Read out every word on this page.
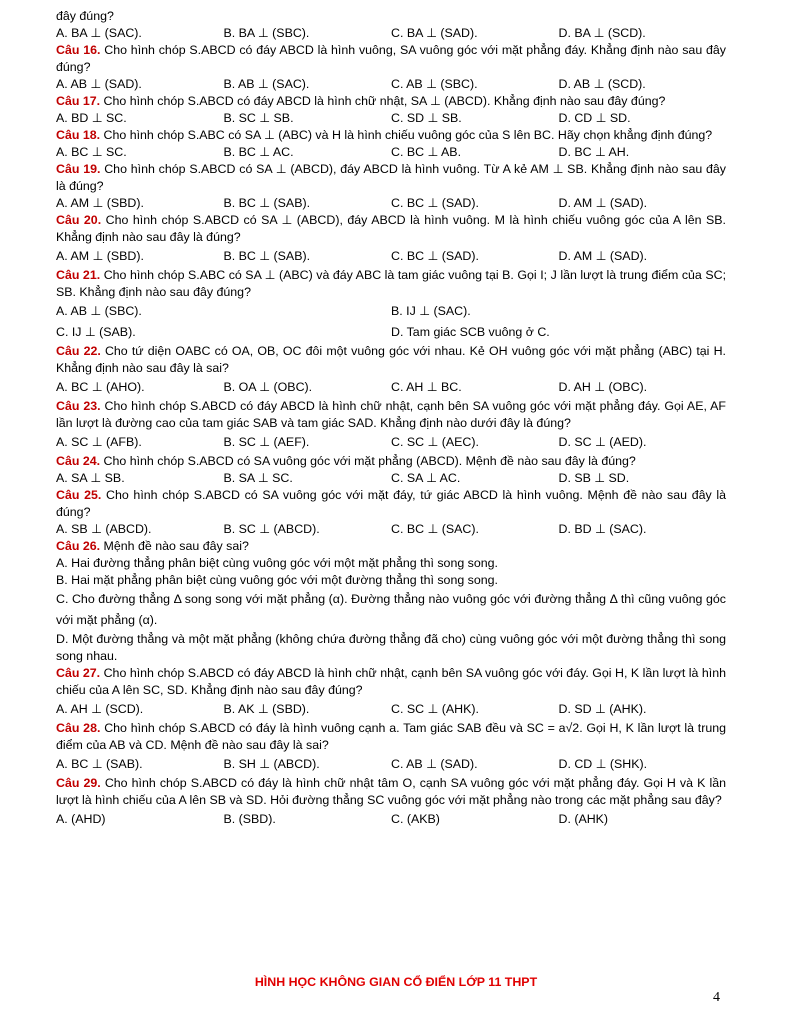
đây đúng?

A. BA ⊥ (SAC).	B. BA ⊥ (SBC).	C. BA ⊥ (SAD).	D. BA ⊥ (SCD).

Câu 16. Cho hình chóp S.ABCD có đáy ABCD là hình vuông, SA vuông góc với mặt phẳng đáy. Khẳng định nào sau đây đúng?

A. AB ⊥ (SAD).	B. AB ⊥ (SAC).	C. AB ⊥ (SBC).	D. AB ⊥ (SCD).

Câu 17. Cho hình chóp S.ABCD có đáy ABCD là hình chữ nhật, SA ⊥ (ABCD). Khẳng định nào sau đây đúng?

A. BD ⊥ SC.	B. SC ⊥ SB.	C. SD ⊥ SB.	D. CD ⊥ SD.

Câu 18. Cho hình chóp S.ABC có SA ⊥ (ABC) và H là hình chiếu vuông góc của S lên BC. Hãy chọn khẳng định đúng?

A. BC ⊥ SC.	B. BC ⊥ AC.	C. BC ⊥ AB.	D. BC ⊥ AH.

Câu 19. Cho hình chóp S.ABCD có SA ⊥ (ABCD), đáy ABCD là hình vuông. Từ A kẻ AM ⊥ SB. Khẳng định nào sau đây là đúng?

A. AM ⊥ (SBD).	B. BC ⊥ (SAB).	C. BC ⊥ (SAD).	D. AM ⊥ (SAD).

Câu 20. Cho hình chóp S.ABCD có SA ⊥ (ABCD), đáy ABCD là hình vuông. M là hình chiếu vuông góc của A lên SB. Khẳng định nào sau đây là đúng?

A. AM ⊥ (SBD).	B. BC ⊥ (SAB).	C. BC ⊥ (SAD).	D. AM ⊥ (SAD).

Câu 21. Cho hình chóp S.ABC có SA ⊥ (ABC) và đáy ABC là tam giác vuông tại B. Gọi I; J lần lượt là trung điểm của SC; SB. Khẳng định nào sau đây đúng?

A. AB ⊥ (SBC).	B. IJ ⊥ (SAC).
C. IJ ⊥ (SAB).	D. Tam giác SCB vuông ở C.

Câu 22. Cho tứ diện OABC có OA, OB, OC đôi một vuông góc với nhau. Kẻ OH vuông góc với mặt phẳng (ABC) tại H. Khẳng định nào sau đây là sai?

A. BC ⊥ (AHO).	B. OA ⊥ (OBC).	C. AH ⊥ BC.	D. AH ⊥ (OBC).

Câu 23. Cho hình chóp S.ABCD có đáy ABCD là hình chữ nhật, cạnh bên SA vuông góc với mặt phẳng đáy. Gọi AE, AF lần lượt là đường cao của tam giác SAB và tam giác SAD. Khẳng định nào dưới đây là đúng?

A. SC ⊥ (AFB).	B. SC ⊥ (AEF).	C. SC ⊥ (AEC).	D. SC ⊥ (AED).

Câu 24. Cho hình chóp S.ABCD có SA vuông góc với mặt phẳng (ABCD). Mệnh đề nào sau đây là đúng?

A. SA ⊥ SB.	B. SA ⊥ SC.	C. SA ⊥ AC.	D. SB ⊥ SD.

Câu 25. Cho hình chóp S.ABCD có SA vuông góc với mặt đáy, tứ giác ABCD là hình vuông. Mệnh đề nào sau đây là đúng?

A. SB ⊥ (ABCD).	B. SC ⊥ (ABCD).	C. BC ⊥ (SAC).	D. BD ⊥ (SAC).

Câu 26. Mệnh đề nào sau đây sai?

A. Hai đường thẳng phân biệt cùng vuông góc với một mặt phẳng thì song song.

B. Hai mặt phẳng phân biệt cùng vuông góc với một đường thẳng thì song song.

C. Cho đường thẳng Δ song song với mặt phẳng (α). Đường thẳng nào vuông góc với đường thẳng Δ thì cũng vuông góc với mặt phẳng (α).

D. Một đường thẳng và một mặt phẳng (không chứa đường thẳng đã cho) cùng vuông góc với một đường thẳng thì song song nhau.

Câu 27. Cho hình chóp S.ABCD có đáy ABCD là hình chữ nhật, cạnh bên SA vuông góc với đáy. Gọi H, K lần lượt là hình chiếu của A lên SC, SD. Khẳng định nào sau đây đúng?

A. AH ⊥ (SCD).	B. AK ⊥ (SBD).	C. SC ⊥ (AHK).	D. SD ⊥ (AHK).

Câu 28. Cho hình chóp S.ABCD có đáy là hình vuông cạnh a. Tam giác SAB đều và SC = a√2. Gọi H, K lần lượt là trung điểm của AB và CD. Mệnh đề nào sau đây là sai?

A. BC ⊥ (SAB).	B. SH ⊥ (ABCD).	C. AB ⊥ (SAD).	D. CD ⊥ (SHK).

Câu 29. Cho hình chóp S.ABCD có đáy là hình chữ nhật tâm O, cạnh SA vuông góc với mặt phẳng đáy. Gọi H và K lần lượt là hình chiếu của A lên SB và SD. Hỏi đường thẳng SC vuông góc với mặt phẳng nào trong các mặt phẳng sau đây?

A. (AHD)	B. (SBD).	C. (AKB)	D. (AHK)
HÌNH HỌC KHÔNG GIAN CỔ ĐIỂN LỚP 11 THPT
4
